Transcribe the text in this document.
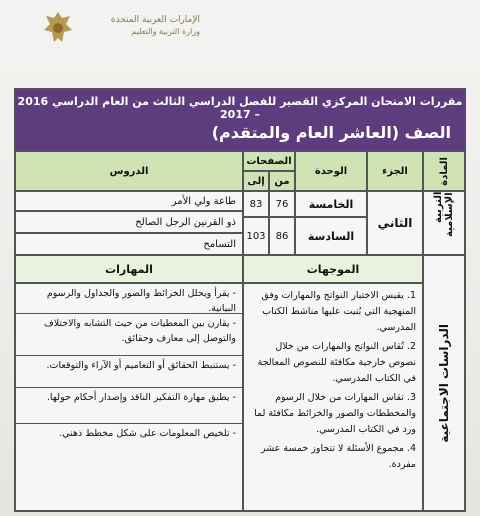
الإمارات العربية المتحدة
وزارة التربية والتعليم
مقررات الامتحان المركزي القصير للفصل الدراسي الثالث من العام الدراسي 2016 – 2017
الصف (العاشر العام والمتقدم)
المادة
الجزء
الوحدة
الصفحات
من
إلى
الدروس
التربية الإسلامية
الثاني
الخامسة
السادسة
76
83
86
103
طاعة ولي الأمر
ذو القرنين الرجل الصالح
التسامح
الموجهات
المهارات
الدراسات الاجتماعية
1. يقيس الاختبار النواتج والمهارات وفق المنهجية التي بُنيت عليها مناشط الكتاب المدرسي.
2. تُقاس النواتج والمهارات من خلال نصوص خارجية مكافئة للنصوص المعالجة في الكتاب المدرسي.
3. تقاس المهارات من خلال الرسوم والمخططات والصور والخرائط مكافئة لما ورد في الكتاب المدرسي.
4. مجموع الأسئلة لا تتجاوز خمسة عشر مفردة.
- يقرأ ويحلل الخرائط والصور والجداول والرسوم البيانية.
- يقارن بين المعطيات من حيث التشابه والاختلاف والتوصل إلى معارف وحقائق.
- يستنبط الحقائق أو التعاميم أو الآراء والتوقعات.
- يطبق مهارة التفكير الناقد وإصدار أحكام حولها.
- تلخيص المعلومات على شكل مخطط ذهني.
